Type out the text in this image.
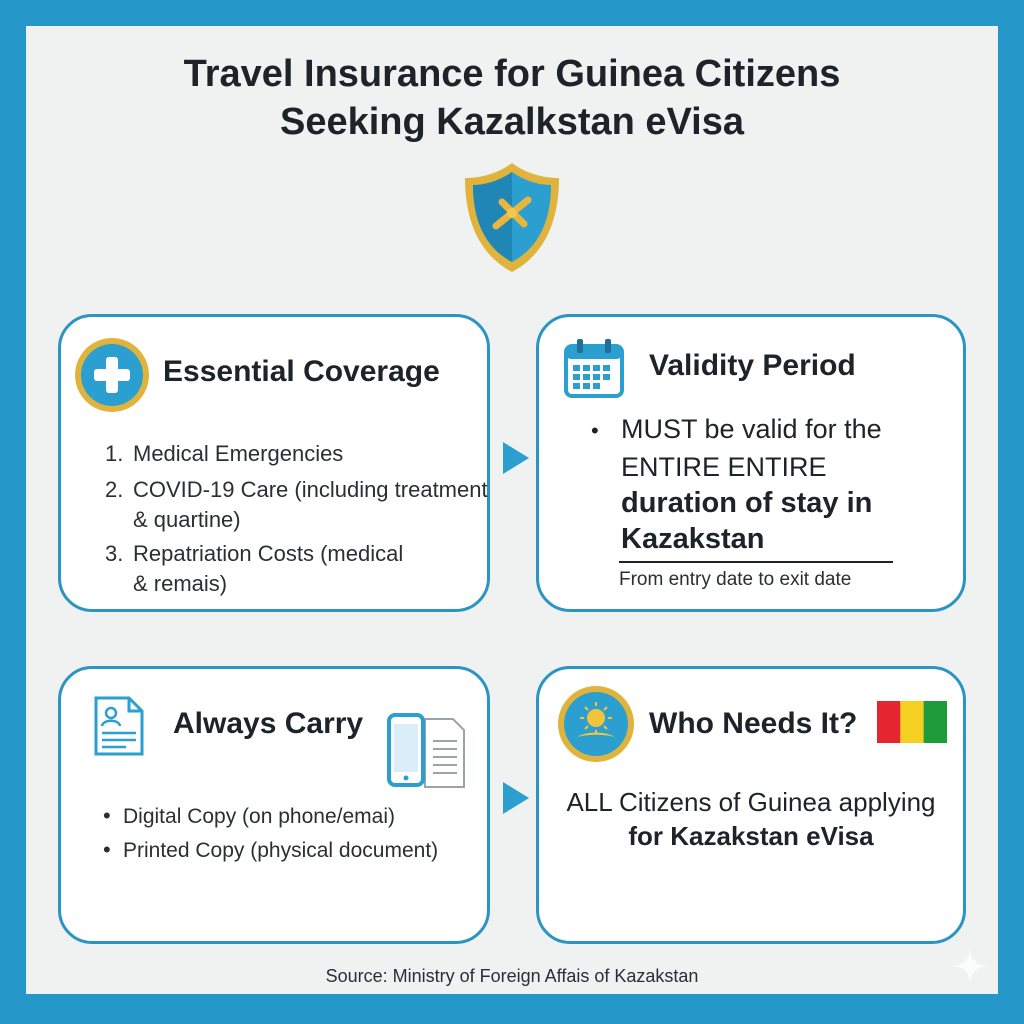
Travel Insurance for Guinea Citizens
Seeking Kazalkstan eVisa
Essential Coverage
1. Medical Emergencies
2. COVID-19 Care (including treatment
& quartine)
3. Repatriation Costs (medical
& remais)
Validity Period
• MUST be valid for the
ENTIRE ENTIRE
duration of stay in
Kazakstan
From entry date to exit date
Always Carry
• Digital Copy (on phone/emai)
• Printed Copy (physical document)
Who Needs It?
ALL Citizens of Guinea applying
for Kazakstan eVisa
Source: Ministry of Foreign Affais of Kazakstan
